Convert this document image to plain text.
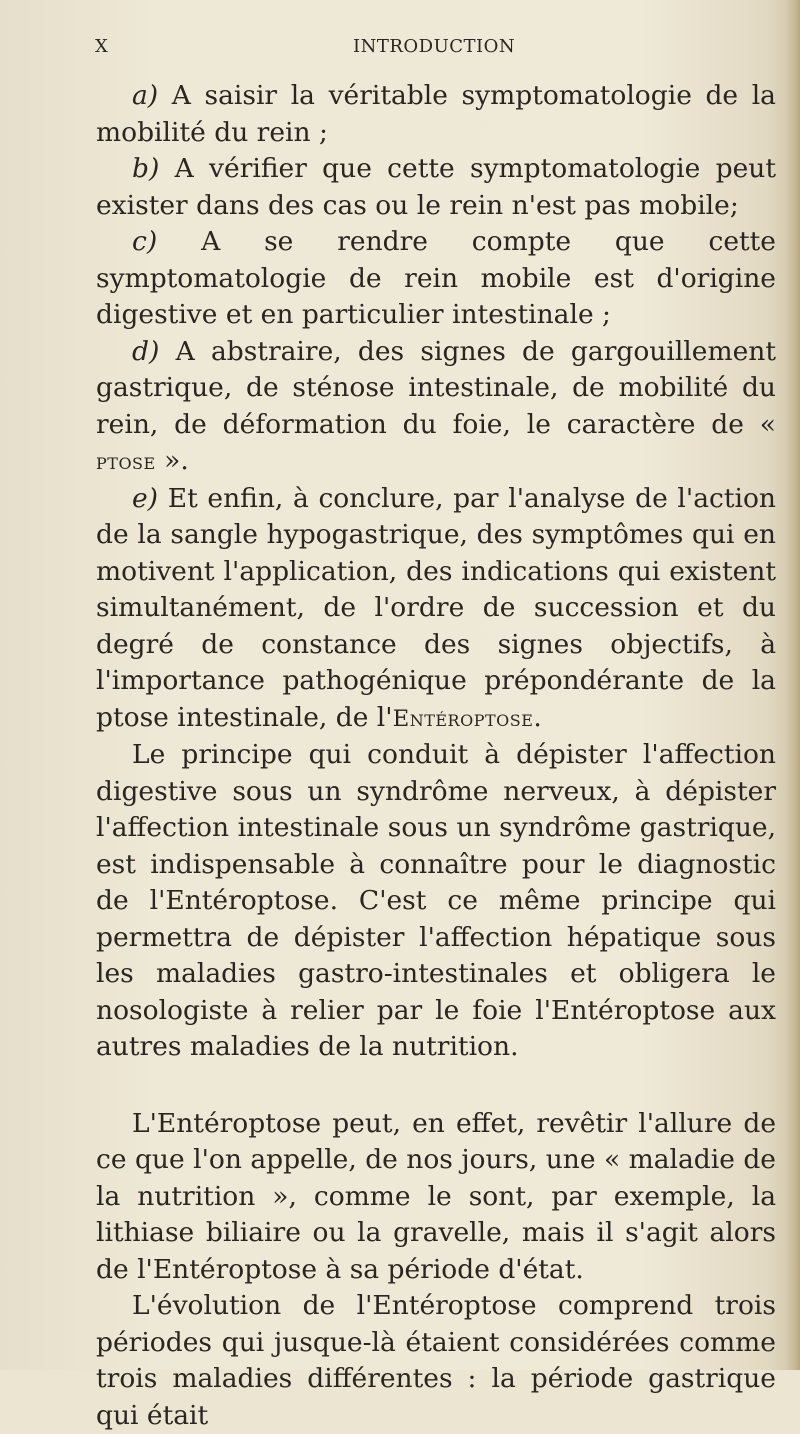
X	INTRODUCTION

a) A saisir la véritable symptomatologie de la mobilité du rein ;

b) A vérifier que cette symptomatologie peut exister dans des cas ou le rein n'est pas mobile;

c) A se rendre compte que cette symptomatologie de rein mobile est d'origine digestive et en particulier intestinale ;

d) A abstraire, des signes de gargouillement gastrique, de sténose intestinale, de mobilité du rein, de déformation du foie, le caractère de « ptose ».

e) Et enfin, à conclure, par l'analyse de l'action de la sangle hypogastrique, des symptômes qui en motivent l'application, des indications qui existent simultanément, de l'ordre de succession et du degré de constance des signes objectifs, à l'importance pathogénique prépondérante de la ptose intestinale, de l'Entéroptose.

Le principe qui conduit à dépister l'affection digestive sous un syndrôme nerveux, à dépister l'affection intestinale sous un syndrôme gastrique, est indispensable à connaître pour le diagnostic de l'Entéroptose. C'est ce même principe qui permettra de dépister l'affection hépatique sous les maladies gastro-intestinales et obligera le nosologiste à relier par le foie l'Entéroptose aux autres maladies de la nutrition.

L'Entéroptose peut, en effet, revêtir l'allure de ce que l'on appelle, de nos jours, une « maladie de la nutrition », comme le sont, par exemple, la lithiase biliaire ou la gravelle, mais il s'agit alors de l'Entéroptose à sa période d'état.

L'évolution de l'Entéroptose comprend trois périodes qui jusque-là étaient considérées comme trois maladies différentes : la période gastrique qui était
